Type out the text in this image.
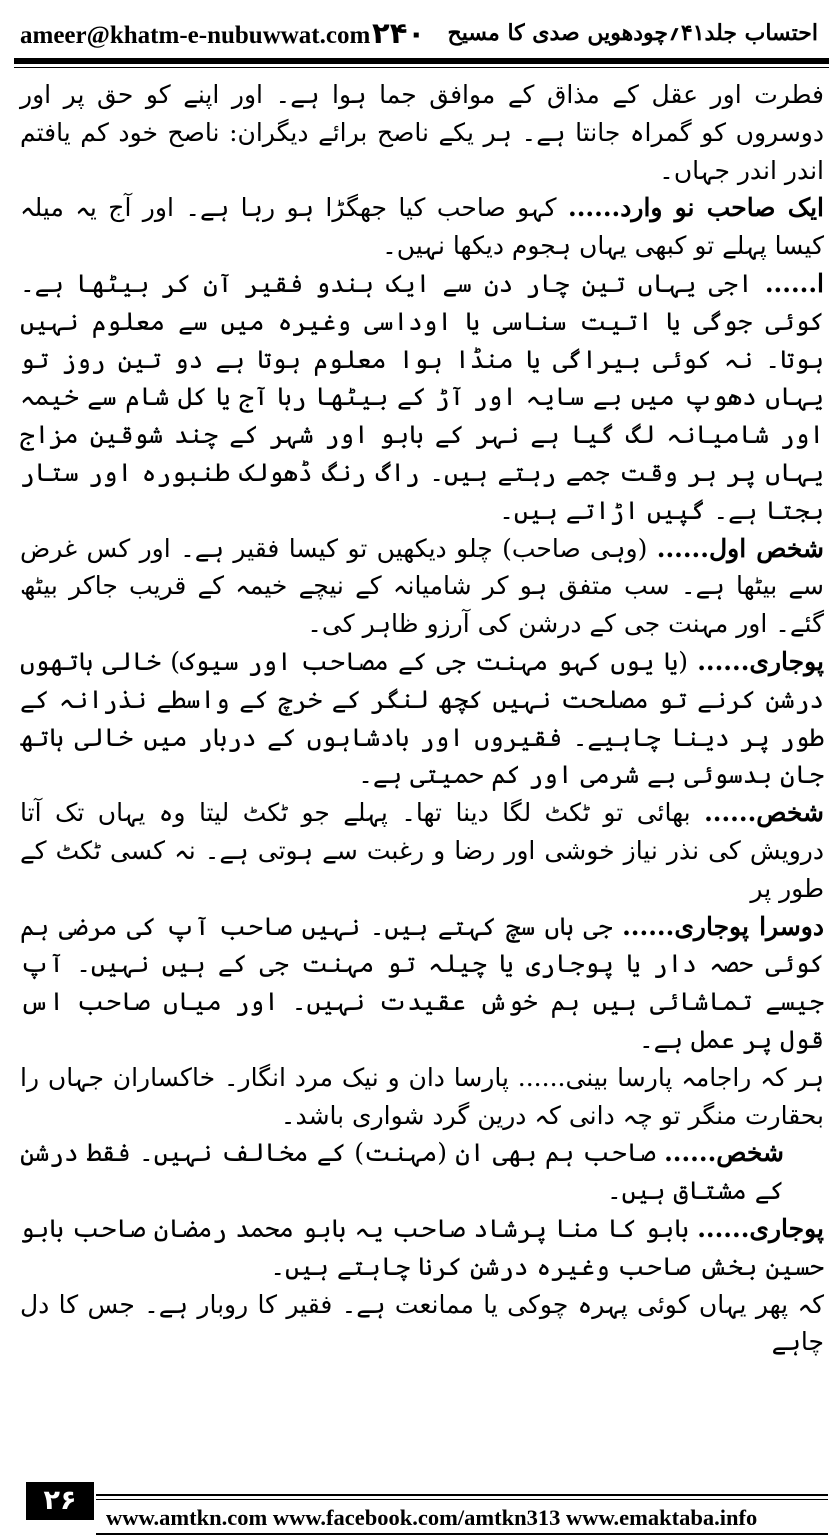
ameer@khatm-e-nubuwwat.com ۲۴۰ احتساب جلد۴۱؍چودھویں صدی کا مسیح

فطرت اور عقل کے مذاق کے موافق جما ہوا ہے۔ اور اپنے کو حق پر اور دوسروں کو گمراہ جانتا ہے۔ ہر یکے ناصح برائے دیگران: ناصح خود کم یافتم اندر اندر جہاں۔

ایک صاحب نو وارد...... کہو صاحب کیا جھگڑا ہو رہا ہے۔ اور آج یہ میلہ کیسا پہلے تو کبھی یہاں ہجوم دیکھا نہیں۔

ا...... اجی یہاں تین چار دن سے ایک ہندو فقیر آن کر بیٹھا ہے۔ کوئی جوگی یا اتیت سناسی یا اوداسی وغیرہ میں سے معلوم نہیں ہوتا۔ نہ کوئی بیراگی یا منڈا ہوا معلوم ہوتا ہے دو تین روز تو یہاں دھوپ میں بے سایہ اور آڑ کے بیٹھا رہا آج یا کل شام سے خیمہ اور شامیانہ لگ گیا ہے نہر کے بابو اور شہر کے چند شوقین مزاج یہاں پر ہر وقت جمے رہتے ہیں۔ راگ رنگ ڈھولک طنبورہ اور ستار بجتا ہے۔ گپیں اڑاتے ہیں۔

شخص اول...... (وہی صاحب) چلو دیکھیں تو کیسا فقیر ہے۔ اور کس غرض سے بیٹھا ہے۔ سب متفق ہو کر شامیانہ کے نیچے خیمہ کے قریب جاکر بیٹھ گئے۔ اور مہنت جی کے درشن کی آرزو ظاہر کی۔

پوجاری...... (یا یوں کہو مہنت جی کے مصاحب اور سیوک) خالی ہاتھوں درشن کرنے تو مصلحت نہیں کچھ لنگر کے خرچ کے واسطے نذرانہ کے طور پر دینا چاہیے۔ فقیروں اور بادشاہوں کے دربار میں خالی ہاتھ جان بدسوئی بے شرمی اور کم حمیتی ہے۔

شخص...... بھائی تو ٹکٹ لگا دینا تھا۔ پہلے جو ٹکٹ لیتا وہ یہاں تک آتا درویش کی نذر نیاز خوشی اور رضا و رغبت سے ہوتی ہے۔ نہ کسی ٹکٹ کے طور پر

دوسرا پوجاری...... جی ہاں سچ کہتے ہیں۔ نہیں صاحب آپ کی مرضی ہم کوئی حصہ دار یا پوجاری یا چیلہ تو مہنت جی کے ہیں نہیں۔ آپ جیسے تماشائی ہیں ہم خوش عقیدت نہیں۔ اور میاں صاحب اس قول پر عمل ہے۔

ہر کہ راجامہ پارسا بینی...... پارسا دان و نیک مرد انگار۔ خاکساران جہاں را بحقارت منگر تو چہ دانی کہ درین گرد شواری باشد۔

شخص...... صاحب ہم بھی ان (مہنت) کے مخالف نہیں۔ فقط درشن کے مشتاق ہیں۔

پوجاری...... بابو کا منا پرشاد صاحب یہ بابو محمد رمضان صاحب بابو حسین بخش صاحب وغیرہ درشن کرنا چاہتے ہیں۔

کہ پھر یہاں کوئی پہرہ چوکی یا ممانعت ہے۔ فقیر کا روبار ہے۔ جس کا دل چاہے

۲۶
www.amtkn.com www.facebook.com/amtkn313 www.emaktaba.info
